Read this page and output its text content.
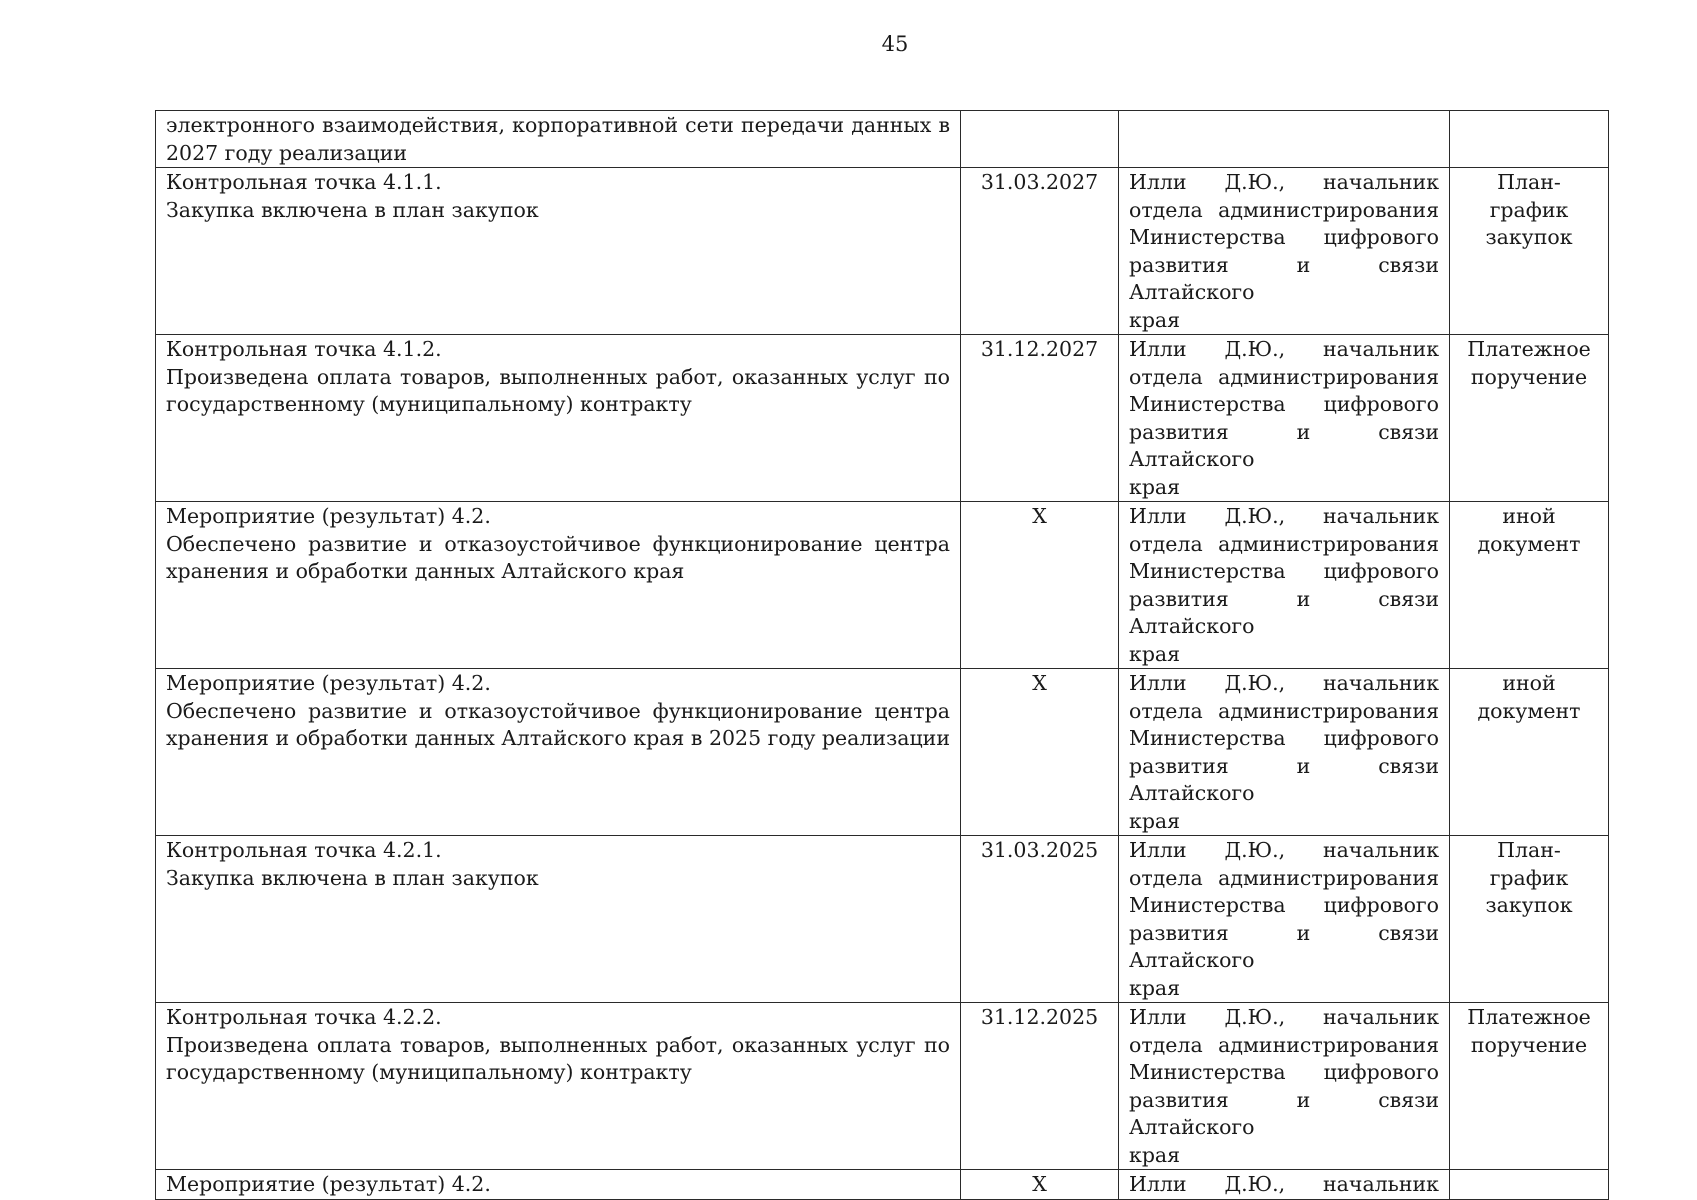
45
электронного взаимодействия, корпоративной сети передачи данных в 2027 году реализации			

Контрольная точка 4.1.1.
Закупка включена в план закупок	31.03.2027	Илли Д.Ю., начальник отдела администрирования Министерства цифрового развития и связи Алтайского
края	План-график закупок

Контрольная точка 4.1.2.
Произведена оплата товаров, выполненных работ, оказанных услуг по государственному (муниципальному) контракту	31.12.2027	Илли Д.Ю., начальник отдела администрирования Министерства цифрового развития и связи Алтайского
края	Платежное поручение

Мероприятие (результат) 4.2.
Обеспечено развитие и отказоустойчивое функционирование центра хранения и обработки данных Алтайского края	Х	Илли Д.Ю., начальник отдела администрирования Министерства цифрового развития и связи Алтайского
края	иной документ

Мероприятие (результат) 4.2.
Обеспечено развитие и отказоустойчивое функционирование центра хранения и обработки данных Алтайского края в 2025 году реализации	Х	Илли Д.Ю., начальник отдела администрирования Министерства цифрового развития и связи Алтайского
края	иной документ

Контрольная точка 4.2.1.
Закупка включена в план закупок	31.03.2025	Илли Д.Ю., начальник отдела администрирования Министерства цифрового развития и связи Алтайского
края	План-график закупок

Контрольная точка 4.2.2.
Произведена оплата товаров, выполненных работ, оказанных услуг по государственному (муниципальному) контракту	31.12.2025	Илли Д.Ю., начальник отдела администрирования Министерства цифрового развития и связи Алтайского
края	Платежное поручение

Мероприятие (результат) 4.2.	Х	Илли Д.Ю., начальник	
